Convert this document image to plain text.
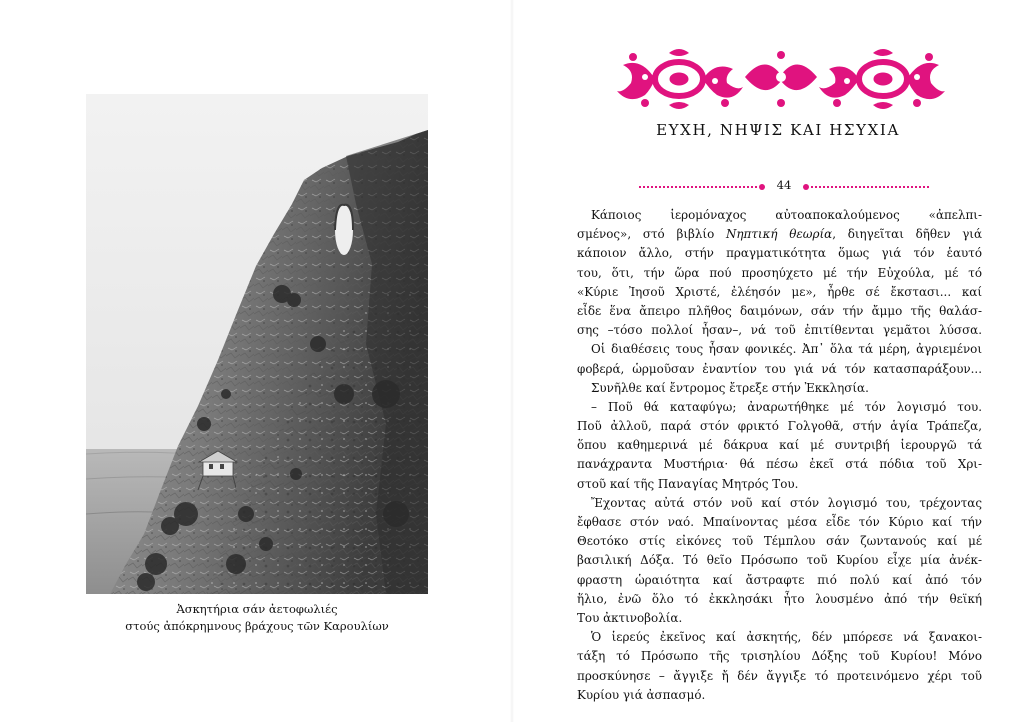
Ἀσκητήρια σάν ἀετοφωλιές
στούς ἀπόκρημνους βράχους τῶν Καρουλίων
ΕΥΧΗ, ΝΗΨΙΣ ΚΑΙ ΗΣΥΧΙΑ
44
Κάποιος ἱερομόναχος αὐτοαποκαλούμενος «ἀπελπι-
σμένος», στό βιβλίο Νηπτική θεωρία, διηγεῖται δῆθεν γιά
κάποιον ἄλλο, στήν πραγματικότητα ὅμως γιά τόν ἑαυτό
του, ὅτι, τήν ὥρα πού προσηύχετο μέ τήν Εὐχούλα, μέ τό
«Κύριε Ἰησοῦ Χριστέ, ἐλέησόν με», ἦρθε σέ ἔκστασι... καί
εἶδε ἕνα ἄπειρο πλῆθος δαιμόνων, σάν τήν ἄμμο τῆς θαλάσ-
σης –τόσο πολλοί ἦσαν–, νά τοῦ ἐπιτίθενται γεμᾶτοι λύσσα.
Οἱ διαθέσεις τους ἦσαν φονικές. Ἀπ᾽ ὅλα τά μέρη, ἀγριεμένοι
φοβερά, ὡρμοῦσαν ἐναντίον του γιά νά τόν κατασπαράξουν...
Συνῆλθε καί ἔντρομος ἔτρεξε στήν Ἐκκλησία.
– Ποῦ θά καταφύγω; ἀναρωτήθηκε μέ τόν λογισμό του.
Ποῦ ἀλλοῦ, παρά στόν φρικτό Γολγοθᾶ, στήν ἁγία Τράπεζα,
ὅπου καθημερινά μέ δάκρυα καί μέ συντριβή ἱερουργῶ τά
πανάχραντα Μυστήρια· θά πέσω ἐκεῖ στά πόδια τοῦ Χρι-
στοῦ καί τῆς Παναγίας Μητρός Του.
Ἔχοντας αὐτά στόν νοῦ καί στόν λογισμό του, τρέχοντας
ἔφθασε στόν ναό. Μπαίνοντας μέσα εἶδε τόν Κύριο καί τήν
Θεοτόκο στίς εἰκόνες τοῦ Τέμπλου σάν ζωντανούς καί μέ
βασιλική Δόξα. Τό θεῖο Πρόσωπο τοῦ Κυρίου εἶχε μία ἀνέκ-
φραστη ὡραιότητα καί ἄστραφτε πιό πολύ καί ἀπό τόν
ἥλιο, ἐνῶ ὅλο τό ἐκκλησάκι ἦτο λουσμένο ἀπό τήν θεϊκή
Του ἀκτινοβολία.
Ὁ ἱερεύς ἐκεῖνος καί ἀσκητής, δέν μπόρεσε νά ξανακοι-
τάξη τό Πρόσωπο τῆς τρισηλίου Δόξης τοῦ Κυρίου! Μόνο
προσκύνησε – ἄγγιξε ἤ δέν ἄγγιξε τό προτεινόμενο χέρι τοῦ
Κυρίου γιά ἀσπασμό.
